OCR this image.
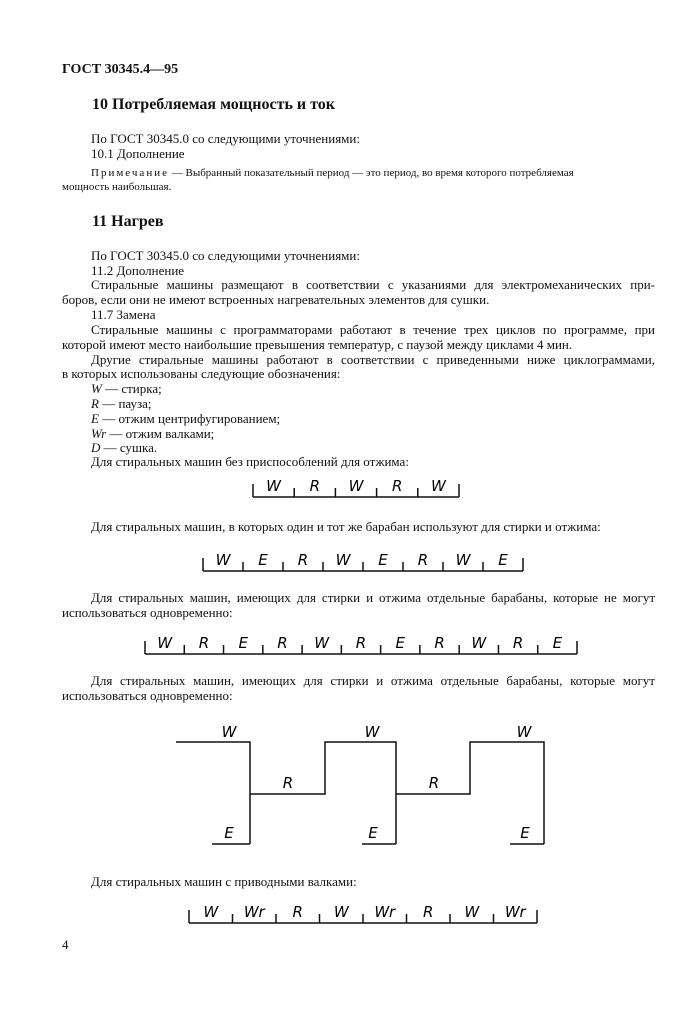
ГОСТ 30345.4—95
10 Потребляемая мощность и ток
По ГОСТ 30345.0 со следующими уточнениями:
10.1 Дополнение
Примечание — Выбранный показательный период — это период, во время которого потребляемая
мощность наибольшая.
11 Нагрев
По ГОСТ 30345.0 со следующими уточнениями:
11.2 Дополнение
Стиральные машины размещают в соответствии с указаниями для электромеханических при-
боров, если они не имеют встроенных нагревательных элементов для сушки.
11.7 Замена
Стиральные машины с программаторами работают в течение трех циклов по программе, при
которой имеют место наибольшие превышения температур, с паузой между циклами 4 мин.
Другие стиральные машины работают в соответствии с приведенными ниже циклограммами,
в которых использованы следующие обозначения:
W — стирка;
R — пауза;
E — отжим центрифугированием;
Wr — отжим валками;
D — сушка.
Для стиральных машин без приспособлений для отжима:
W R W R W
Для стиральных машин, в которых один и тот же барабан используют для стирки и отжима:
W E R W E R W E
Для стиральных машин, имеющих для стирки и отжима отдельные барабаны, которые не могут
использоваться одновременно:
W R E R W R E R W R E
Для стиральных машин, имеющих для стирки и отжима отдельные барабаны, которые могут
использоваться одновременно:
W	W	W
R	R
E	E	E
Для стиральных машин с приводными валками:
W Wr R W Wr R W Wr
4
